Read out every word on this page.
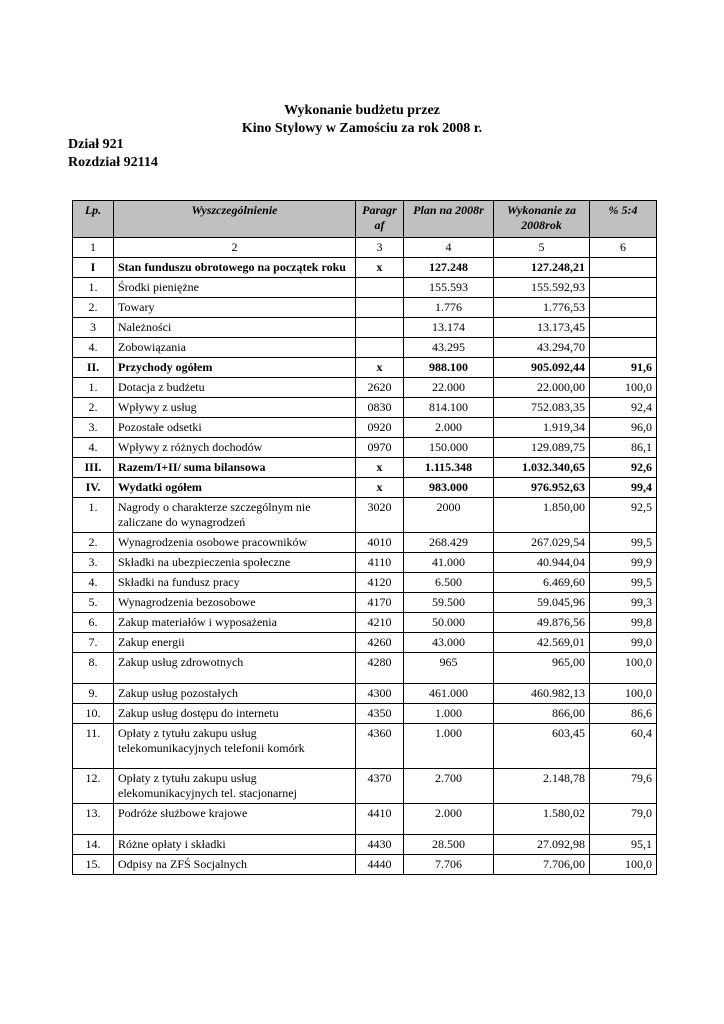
Wykonanie budżetu przez
Kino Stylowy w Zamościu za rok 2008 r.
Dział 921
Rozdział 92114
Lp.	Wyszczególnienie	Paragr af	Plan na 2008r	Wykonanie za 2008rok	% 5:4
1	2	3	4	5	6
I	Stan funduszu obrotowego na początek roku	x	127.248	127.248,21	
1.	Środki pieniężne		155.593	155.592,93	
2.	Towary		1.776	1.776,53	
3	Należności		13.174	13.173,45	
4.	Zobowiązania		43.295	43.294,70	
II.	Przychody ogółem	x	988.100	905.092,44	91,6
1.	Dotacja z budżetu	2620	22.000	22.000,00	100,0
2.	Wpływy z usług	0830	814.100	752.083,35	92,4
3.	Pozostałe odsetki	0920	2.000	1.919,34	96,0
4.	Wpływy z różnych dochodów	0970	150.000	129.089,75	86,1
III.	Razem/I+II/ suma bilansowa	x	1.115.348	1.032.340,65	92,6
IV.	Wydatki ogółem	x	983.000	976.952,63	99,4
1.	Nagrody o charakterze szczególnym nie zaliczane do wynagrodzeń	3020	2000	1.850,00	92,5
2.	Wynagrodzenia osobowe pracowników	4010	268.429	267.029,54	99,5
3.	Składki na ubezpieczenia społeczne	4110	41.000	40.944,04	99,9
4.	Składki na fundusz pracy	4120	6.500	6.469,60	99,5
5.	Wynagrodzenia bezosobowe	4170	59.500	59.045,96	99,3
6.	Zakup materiałów i wyposażenia	4210	50.000	49.876,56	99,8
7.	Zakup energii	4260	43.000	42.569,01	99,0
8.	Zakup usług zdrowotnych	4280	965	965,00	100,0
9.	Zakup usług pozostałych	4300	461.000	460.982,13	100,0
10.	Zakup usług dostępu do internetu	4350	1.000	866,00	86,6
11.	Opłaty z tytułu zakupu usług telekomunikacyjnych telefonii komórk	4360	1.000	603,45	60,4
12.	Opłaty z tytułu zakupu usług elekomunikacyjnych tel. stacjonarnej	4370	2.700	2.148,78	79,6
13.	Podróże służbowe krajowe	4410	2.000	1.580,02	79,0
14.	Różne opłaty i składki	4430	28.500	27.092,98	95,1
15.	Odpisy na ZFŚ Socjalnych	4440	7.706	7.706,00	100,0
